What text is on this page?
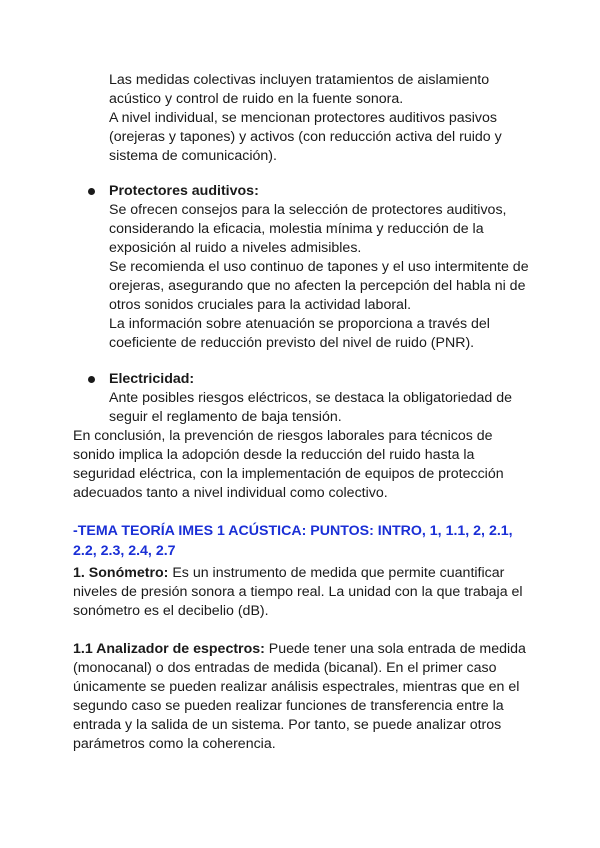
Las medidas colectivas incluyen tratamientos de aislamiento
acústico y control de ruido en la fuente sonora.
A nivel individual, se mencionan protectores auditivos pasivos
(orejeras y tapones) y activos (con reducción activa del ruido y
sistema de comunicación).
Protectores auditivos:
Se ofrecen consejos para la selección de protectores auditivos,
considerando la eficacia, molestia mínima y reducción de la
exposición al ruido a niveles admisibles.
Se recomienda el uso continuo de tapones y el uso intermitente de
orejeras, asegurando que no afecten la percepción del habla ni de
otros sonidos cruciales para la actividad laboral.
La información sobre atenuación se proporciona a través del
coeficiente de reducción previsto del nivel de ruido (PNR).
Electricidad:
Ante posibles riesgos eléctricos, se destaca la obligatoriedad de
seguir el reglamento de baja tensión.
En conclusión, la prevención de riesgos laborales para técnicos de
sonido implica la adopción desde la reducción del ruido hasta la
seguridad eléctrica, con la implementación de equipos de protección
adecuados tanto a nivel individual como colectivo.
-TEMA TEORÍA IMES 1 ACÚSTICA: PUNTOS: INTRO, 1, 1.1, 2, 2.1,
2.2, 2.3, 2.4, 2.7
1. Sonómetro: Es un instrumento de medida que permite cuantificar
niveles de presión sonora a tiempo real. La unidad con la que trabaja el
sonómetro es el decibelio (dB).
1.1 Analizador de espectros: Puede tener una sola entrada de medida
(monocanal) o dos entradas de medida (bicanal). En el primer caso
únicamente se pueden realizar análisis espectrales, mientras que en el
segundo caso se pueden realizar funciones de transferencia entre la
entrada y la salida de un sistema. Por tanto, se puede analizar otros
parámetros como la coherencia.
